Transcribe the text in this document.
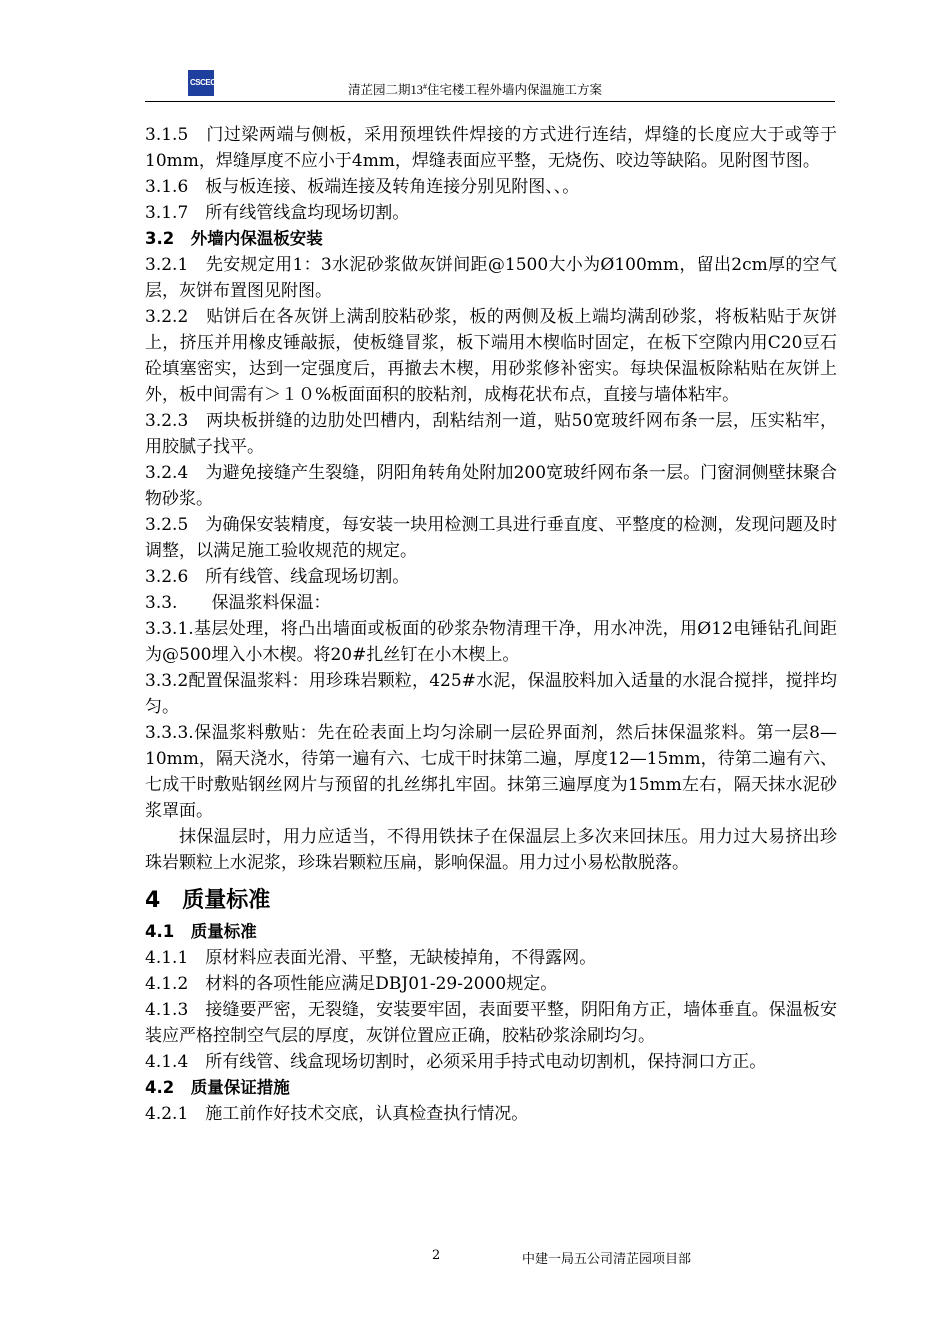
CSCEC
清芷园二期13#住宅楼工程外墙内保温施工方案

3.1.5　门过梁两端与侧板，采用预埋铁件焊接的方式进行连结，焊缝的长度应大于或等于10mm，焊缝厚度不应小于4mm，焊缝表面应平整，无烧伤、咬边等缺陷。见附图节图。

3.1.6　板与板连接、板端连接及转角连接分别见附图、、。

3.1.7　所有线管线盒均现场切割。

3.2　外墙内保温板安装

3.2.1　先安规定用1：3水泥砂浆做灰饼间距@1500大小为Ø100mm，留出2cm厚的空气层，灰饼布置图见附图。

3.2.2　贴饼后在各灰饼上满刮胶粘砂浆，板的两侧及板上端均满刮砂浆，将板粘贴于灰饼上，挤压并用橡皮锤敲振，使板缝冒浆，板下端用木楔临时固定，在板下空隙内用C20豆石砼填塞密实，达到一定强度后，再撤去木楔，用砂浆修补密实。每块保温板除粘贴在灰饼上外，板中间需有＞１０%板面面积的胶粘剂，成梅花状布点，直接与墙体粘牢。

3.2.3　两块板拼缝的边肋处凹槽内，刮粘结剂一道，贴50宽玻纤网布条一层，压实粘牢，用胶腻子找平。

3.2.4　为避免接缝产生裂缝，阴阳角转角处附加200宽玻纤网布条一层。门窗洞侧壁抹聚合物砂浆。

3.2.5　为确保安装精度，每安装一块用检测工具进行垂直度、平整度的检测，发现问题及时调整，以满足施工验收规范的规定。

3.2.6　所有线管、线盒现场切割。

3.3.　　保温浆料保温：

3.3.1.基层处理，将凸出墙面或板面的砂浆杂物清理干净，用水冲洗，用Ø12电锤钻孔间距为@500埋入小木楔。将20#扎丝钉在小木楔上。

3.3.2配置保温浆料：用珍珠岩颗粒，425#水泥，保温胶料加入适量的水混合搅拌，搅拌均匀。

3.3.3.保温浆料敷贴：先在砼表面上均匀涂刷一层砼界面剂，然后抹保温浆料。第一层8—10mm，隔天浇水，待第一遍有六、七成干时抹第二遍，厚度12—15mm，待第二遍有六、七成干时敷贴钢丝网片与预留的扎丝绑扎牢固。抹第三遍厚度为15mm左右，隔天抹水泥砂浆罩面。

抹保温层时，用力应适当，不得用铁抹子在保温层上多次来回抹压。用力过大易挤出珍珠岩颗粒上水泥浆，珍珠岩颗粒压扁，影响保温。用力过小易松散脱落。

4　质量标准

4.1　质量标准

4.1.1　原材料应表面光滑、平整，无缺棱掉角，不得露网。

4.1.2　材料的各项性能应满足DBJ01-29-2000规定。

4.1.3　接缝要严密，无裂缝，安装要牢固，表面要平整，阴阳角方正，墙体垂直。保温板安装应严格控制空气层的厚度，灰饼位置应正确，胶粘砂浆涂刷均匀。

4.1.4　所有线管、线盒现场切割时，必须采用手持式电动切割机，保持洞口方正。

4.2　质量保证措施

4.2.1　施工前作好技术交底，认真检查执行情况。

2	中建一局五公司清芷园项目部
